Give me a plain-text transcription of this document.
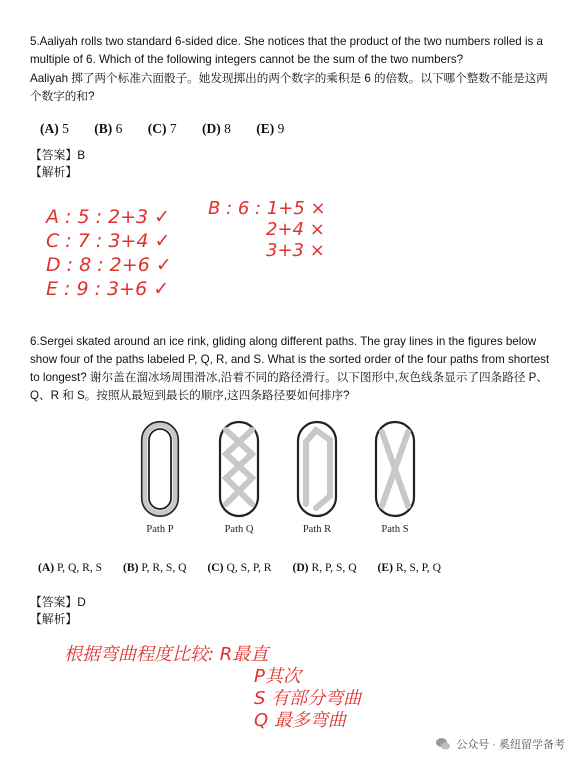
5.Aaliyah rolls two standard 6-sided dice. She notices that the product of the two numbers rolled is a multiple of 6. Which of the following integers cannot be the sum of the two numbers?
Aaliyah 掷了两个标准六面骰子。她发现掷出的两个数字的乘积是 6 的倍数。以下哪个整数不能是这两个数字的和?
(A) 5 (B) 6 (C) 7 (D) 8 (E) 9
【答案】B
【解析】
A : 5 : 2+3 ✓
C : 7 : 3+4 ✓
D : 8 : 2+6 ✓
E : 9 : 3+6 ✓
B : 6 : 1+5 ×
2+4 ×
3+3 ×
6.Sergei skated around an ice rink, gliding along different paths. The gray lines in the figures below show four of the paths labeled P, Q, R, and S. What is the sorted order of the four paths from shortest to longest? 谢尔盖在溜冰场周围滑冰,沿着不同的路径滑行。以下图形中,灰色线条显示了四条路径 P、Q、R 和 S。按照从最短到最长的顺序,这四条路径要如何排序?
Path P	Path Q	Path R	Path S
(A) P, Q, R, S (B) P, R, S, Q (C) Q, S, P, R (D) R, P, S, Q (E) R, S, P, Q
【答案】D
【解析】
根据弯曲程度比较: R最直
P其次
S 有部分弯曲
Q 最多弯曲
公众号 · 奚纽留学备考
